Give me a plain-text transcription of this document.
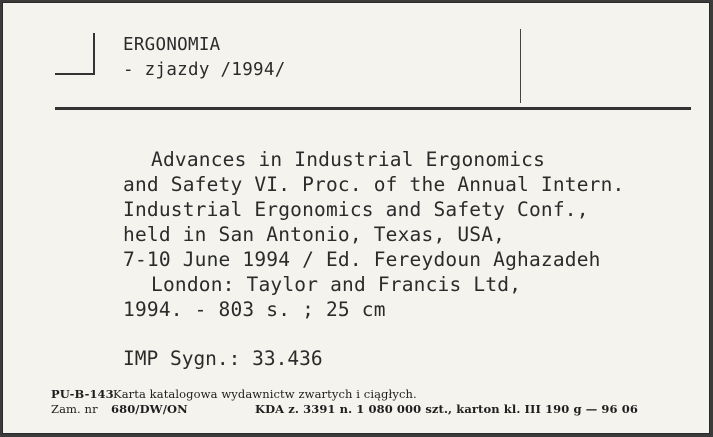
ERGONOMIA
- zjazdy /1994/
Advances in Industrial Ergonomics
and Safety VI. Proc. of the Annual Intern.
Industrial Ergonomics and Safety Conf.,
held in San Antonio, Texas, USA,
7-10 June 1994 / Ed. Fereydoun Aghazadeh
London: Taylor and Francis Ltd,
1994. - 803 s. ; 25 cm
IMP Sygn.: 33.436
PU-B-143 Karta katalogowa wydawnictw zwartych i ciągłych.
Zam. nr 680/DW/ON	KDA z. 3391 n. 1 080 000 szt., karton kl. III 190 g — 96 06
